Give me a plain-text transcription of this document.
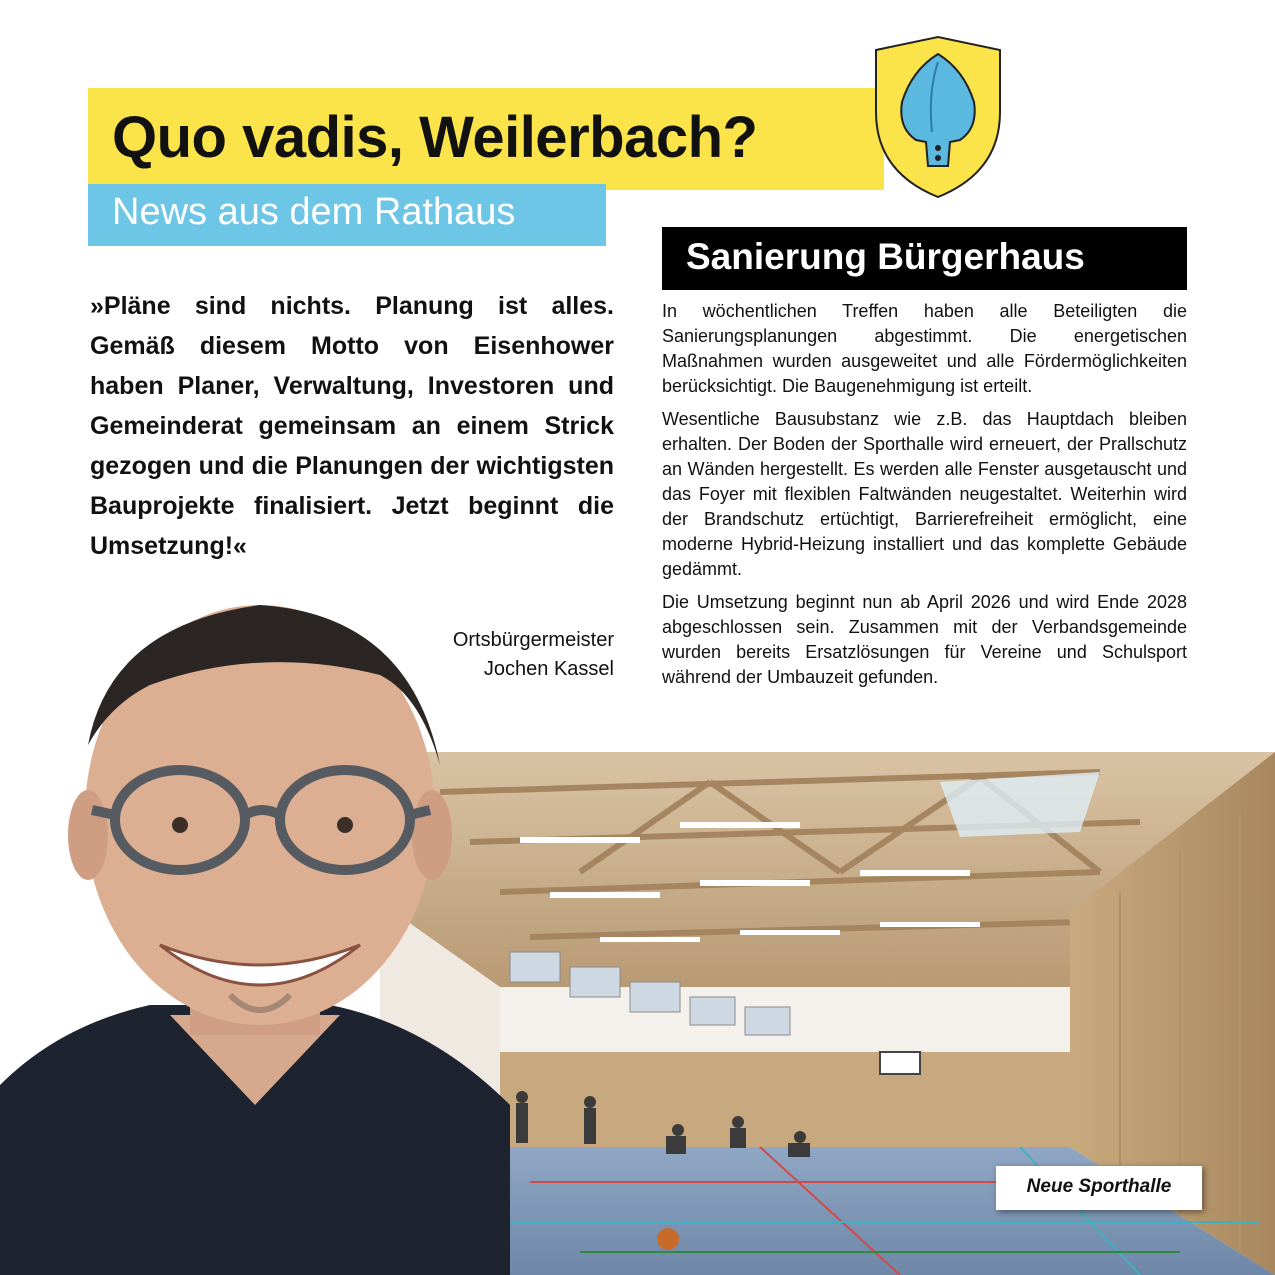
Quo vadis, Weilerbach?
News aus dem Rathaus
»Pläne sind nichts. Planung ist alles. Gemäß diesem Motto von Eisenhower haben Planer, Verwaltung, Investoren und Gemeinderat gemeinsam an einem Strick gezogen und die Planungen der wichtigsten Bauprojekte finalisiert. Jetzt beginnt die Umsetzung!«
Ortsbürgermeister
Jochen Kassel
Sanierung Bürgerhaus

In wöchentlichen Treffen haben alle Beteiligten die Sanierungsplanungen abgestimmt. Die energetischen Maßnahmen wurden ausgeweitet und alle Fördermöglichkeiten berücksichtigt. Die Baugenehmigung ist erteilt.

Wesentliche Bausubstanz wie z.B. das Hauptdach bleiben erhalten. Der Boden der Sporthalle wird erneuert, der Prallschutz an Wänden hergestellt. Es werden alle Fenster ausgetauscht und das Foyer mit flexiblen Faltwänden neugestaltet. Weiterhin wird der Brandschutz ertüchtigt, Barrierefreiheit ermöglicht, eine moderne Hybrid-Heizung installiert und das komplette Gebäude gedämmt.

Die Umsetzung beginnt nun ab April 2026 und wird Ende 2028 abgeschlossen sein. Zusammen mit der Verbandsgemeinde wurden bereits Ersatzlösungen für Vereine und Schulsport während der Umbauzeit gefunden.

Neue Sporthalle
